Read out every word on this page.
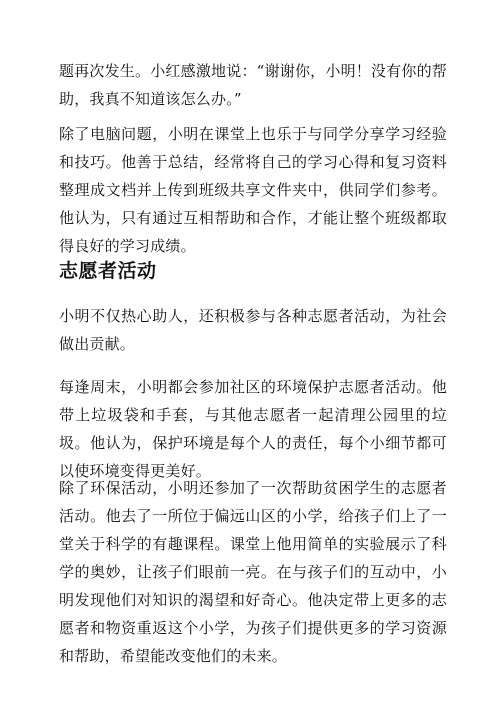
题再次发生。小红感激地说：“谢谢你，小明！没有你的帮助，我真不知道该怎么办。”

除了电脑问题，小明在课堂上也乐于与同学分享学习经验和技巧。他善于总结，经常将自己的学习心得和复习资料整理成文档并上传到班级共享文件夹中，供同学们参考。他认为，只有通过互相帮助和合作，才能让整个班级都取得良好的学习成绩。

志愿者活动

小明不仅热心助人，还积极参与各种志愿者活动，为社会做出贡献。

每逢周末，小明都会参加社区的环境保护志愿者活动。他带上垃圾袋和手套，与其他志愿者一起清理公园里的垃圾。他认为，保护环境是每个人的责任，每个小细节都可以使环境变得更美好。

除了环保活动，小明还参加了一次帮助贫困学生的志愿者活动。他去了一所位于偏远山区的小学，给孩子们上了一堂关于科学的有趣课程。课堂上他用简单的实验展示了科学的奥妙，让孩子们眼前一亮。在与孩子们的互动中，小明发现他们对知识的渴望和好奇心。他决定带上更多的志愿者和物资重返这个小学，为孩子们提供更多的学习资源和帮助，希望能改变他们的未来。
